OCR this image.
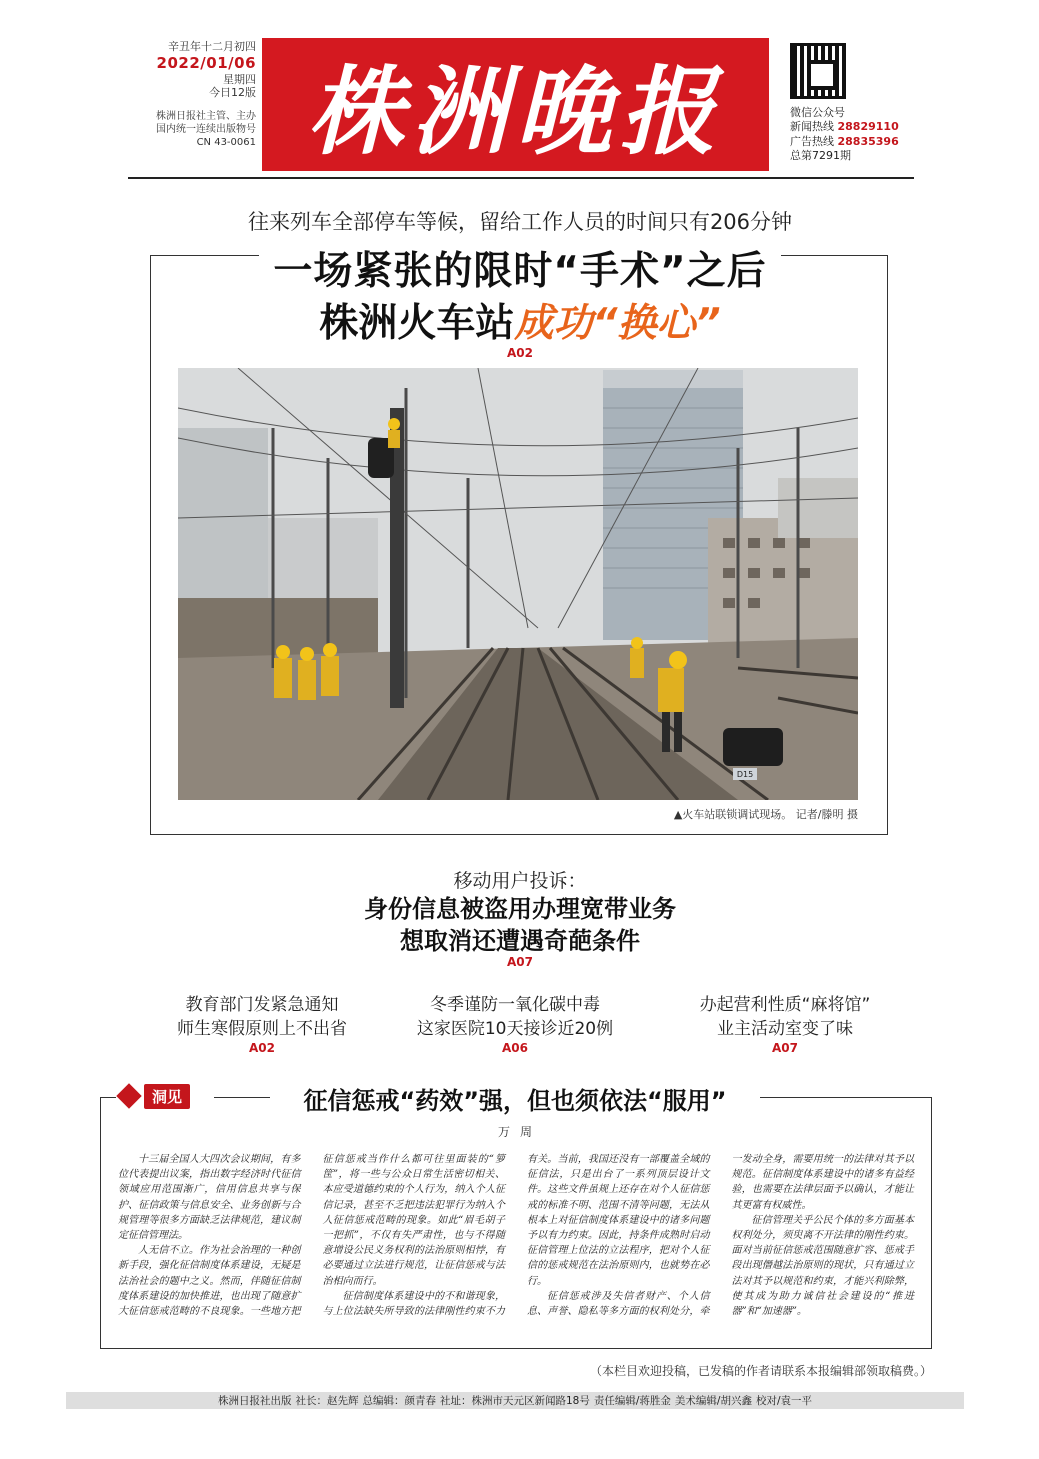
辛丑年十二月初四
2022/01/06
星期四
今日12版
株洲日报社主管、主办
国内统一连续出版物号
CN 43-0061 株洲晚报	微信公众号
新闻热线 28829110
广告热线 28835396
总第7291期
往来列车全部停车等候，留给工作人员的时间只有206分钟
一场紧张的限时“手术”之后
株洲火车站成功“换心”
A02
D15
▲火车站联锁调试现场。 记者/滕明 摄
移动用户投诉：
身份信息被盗用办理宽带业务
想取消还遭遇奇葩条件
A07
教育部门发紧急通知
师生寒假原则上不出省
A02
冬季谨防一氧化碳中毒
这家医院10天接诊近20例
A06
办起营利性质“麻将馆”
业主活动室变了味
A07
洞见	征信惩戒“药效”强，但也须依法“服用”
万周

十三届全国人大四次会议期间，有多位代表提出议案，指出数字经济时代征信领域应用范围渐广，信用信息共享与保护、征信政策与信息安全、业务创新与合规管理等很多方面缺乏法律规范，建议制定征信管理法。

人无信不立。作为社会治理的一种创新手段，强化征信制度体系建设，无疑是法治社会的题中之义。然而，伴随征信制度体系建设的加快推进，也出现了随意扩大征信惩戒范畴的不良现象。一些地方把征信惩戒当作什么都可往里面装的“箩筐”，将一些与公众日常生活密切相关、本应受道德约束的个人行为，纳入个人征信记录，甚至不乏把违法犯罪行为纳入个人征信惩戒范畴的现象。如此“眉毛胡子一把抓”，不仅有失严肃性，也与不得随意增设公民义务权利的法治原则相悖，有必要通过立法进行规范，让征信惩戒与法治相向而行。

征信制度体系建设中的不和谐现象，与上位法缺失所导致的法律刚性约束不力有关。当前，我国还没有一部覆盖全域的征信法，只是出台了一系列顶层设计文件。这些文件虽规上还存在对个人征信惩戒的标准不明、范围不清等问题，无法从根本上对征信制度体系建设中的诸多问题予以有力约束。因此，持条件成熟时启动征信管理上位法的立法程序，把对个人征信的惩戒规范在法治原则内，也就势在必行。

征信惩戒涉及失信者财产、个人信息、声誉、隐私等多方面的权利处分，牵一发动全身，需要用统一的法律对其予以规范。征信制度体系建设中的诸多有益经验，也需要在法律层面予以确认，才能让其更富有权威性。

征信管理关乎公民个体的多方面基本权利处分，须臾离不开法律的刚性约束。面对当前征信惩戒范围随意扩容、惩戒手段出现僭越法治原则的现状，只有通过立法对其予以规范和约束，才能兴利除弊，使其成为助力诚信社会建设的“推进器”和“加速器”。

（本栏目欢迎投稿，已发稿的作者请联系本报编辑部领取稿费。）
株洲日报社出版 社长：赵先辉 总编辑：颜青春 社址：株洲市天元区新闻路18号 责任编辑/蒋胜金 美术编辑/胡兴鑫 校对/袁一平
